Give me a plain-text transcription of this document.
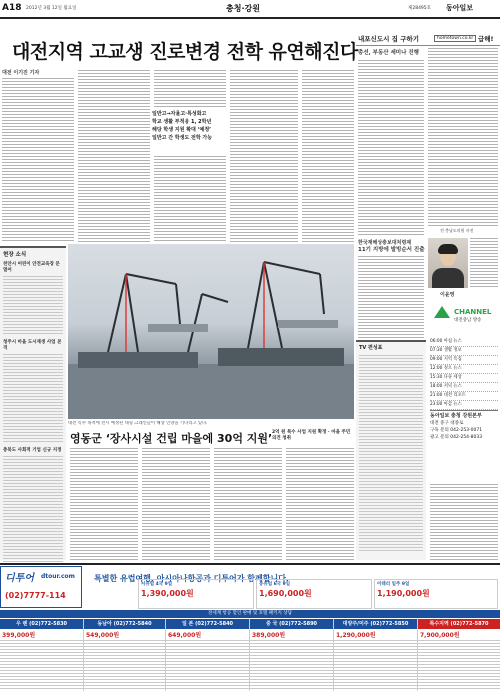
A18 2012년 3월 12일 월요일	충청·강원	제28495호 동아일보
대전지역 고교생 진로변경 전학 유연해진다
대전 이기진 기자
일반고→자율고·특성화고
학교 생활 부적응 1, 2학년
해당 학생 지원 확대 ‘예정’
일반고 간 학생도 전학 가능
내포신도시 집 구하기	hometown.co.kr 급해!
총선, 부동산 세미나 진행
전 충남도의원 사진
한국재해상충보대처령제
11기 지방에 발빙순서 진출
이윤영
대전 특수 목적에 전시 예정된 대형 크레인들이 해상 인양을 기다리고 있다.
현장 소식
천안시 어린이 안전교육장 문 열어
청주시 마을 도시재생 사업 본격
충북도 사회적 기업 신규 지정
영동군 ‘장사시설 건립 마을에 30억 지원’ 2억 원 특수 사업 지원 확정 · 마을 주민 의견 청취
TV 편성표
CHANNEL
대전충남 방송
06:00 아침 뉴스
07:30 생활 정보
09:00 지역 특집
12:00 정오 뉴스
15:30 다큐 세상
18:00 저녁 뉴스
21:00 대전 리포트
23:00 마감 뉴스
동아일보 충청 강원본부
대전 중구 대종로
구독 문의 042-253-0071
광고 문의 042-254-8033
디투어 dtour.com
(02)7777-114
특별한 유럽여행, 아시아나항공과 디투어가 함께합니다.
서유럽 4국 9일
1,390,000원
동유럽 6국 9일
1,690,000원
이태리 일주 9일
1,190,000원
전세계 항공 할인 판매 및 호텔 패키지 상담
우 렌 (02)772-5830
399,000원
동남아 (02)772-5840
549,000원
일 본 (02)772-5840
649,000원
중 국 (02)772-5890
389,000원
대양주/미주 (02)772-5850
1,290,000원
특수지역 (02)772-5870
7,900,000원
